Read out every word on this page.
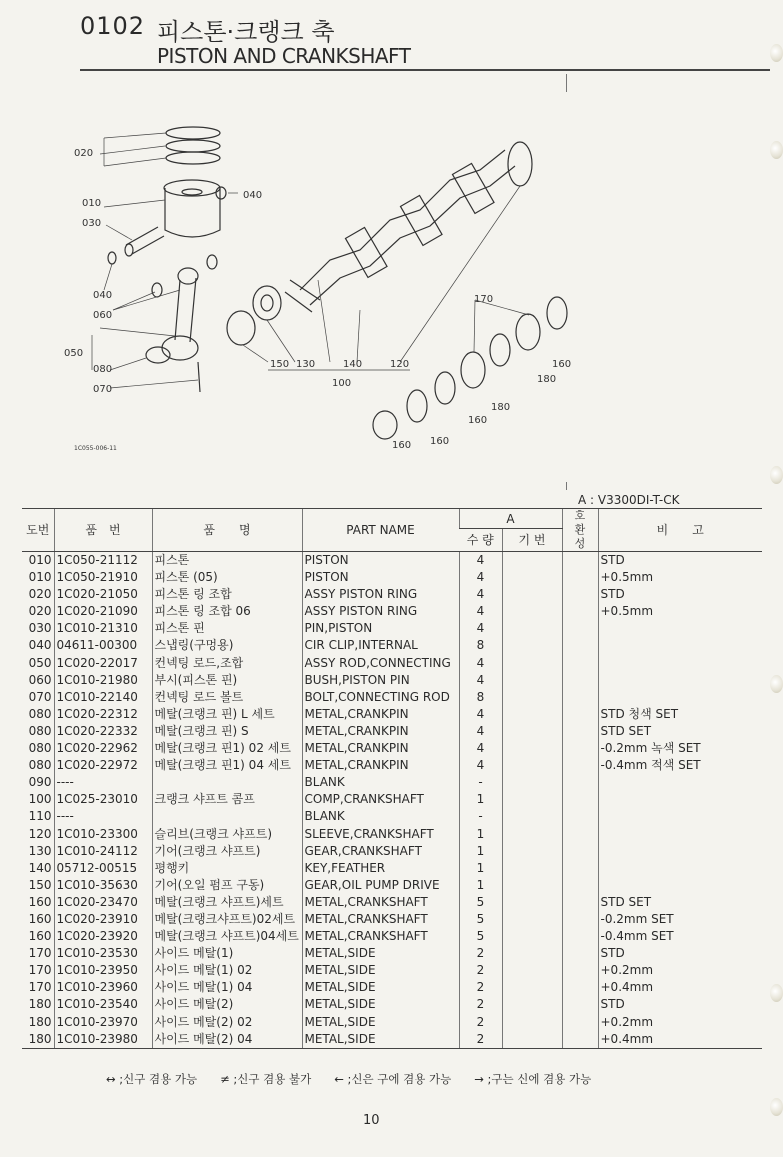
0102 피스톤·크랭크 축
PISTON AND CRANKSHAFT
020
010
030
040
040
060
050
080
070
150 130	140	120
100
170
160
180
180
160
160
160
1C055-006-11
A : V3300DI-T-CK
도번	품　번	품　　명	PART NAME	A		호환성	비　　고
				수 량	기 번		
010	1C050-21112	피스톤	PISTON	4			STD
010	1C050-21910	피스톤 (05)	PISTON	4			+0.5mm
020	1C020-21050	피스톤 링 조합	ASSY PISTON RING	4			STD
020	1C020-21090	피스톤 링 조합 06	ASSY PISTON RING	4			+0.5mm
030	1C010-21310	피스톤 핀	PIN,PISTON	4			
040	04611-00300	스냅링(구멍용)	CIR CLIP,INTERNAL	8			
050	1C020-22017	컨넥팅 로드,조합	ASSY ROD,CONNECTING	4			
060	1C010-21980	부시(피스톤 핀)	BUSH,PISTON PIN	4			
070	1C010-22140	컨넥팅 로드 볼트	BOLT,CONNECTING ROD	8			
080	1C020-22312	메탈(크랭크 핀) L 세트	METAL,CRANKPIN	4			STD 청색 SET
080	1C020-22332	메탈(크랭크 핀) S	METAL,CRANKPIN	4			STD SET
080	1C020-22962	메탈(크랭크 핀1) 02 세트	METAL,CRANKPIN	4			-0.2mm 녹색 SET
080	1C020-22972	메탈(크랭크 핀1) 04 세트	METAL,CRANKPIN	4			-0.4mm 적색 SET
090	----		BLANK	-			
100	1C025-23010	크랭크 샤프트 콤프	COMP,CRANKSHAFT	1			
110	----		BLANK	-			
120	1C010-23300	슬리브(크랭크 샤프트)	SLEEVE,CRANKSHAFT	1			
130	1C010-24112	기어(크랭크 샤프트)	GEAR,CRANKSHAFT	1			
140	05712-00515	평행키	KEY,FEATHER	1			
150	1C010-35630	기어(오일 펌프 구동)	GEAR,OIL PUMP DRIVE	1			
160	1C020-23470	메탈(크랭크 샤프트)세트	METAL,CRANKSHAFT	5			STD SET
160	1C020-23910	메탈(크랭크샤프트)02세트	METAL,CRANKSHAFT	5			-0.2mm SET
160	1C020-23920	메탈(크랭크 샤프트)04세트	METAL,CRANKSHAFT	5			-0.4mm SET
170	1C010-23530	사이드 메탈(1)	METAL,SIDE	2			STD
170	1C010-23950	사이드 메탈(1) 02	METAL,SIDE	2			+0.2mm
170	1C010-23960	사이드 메탈(1) 04	METAL,SIDE	2			+0.4mm
180	1C010-23540	사이드 메탈(2)	METAL,SIDE	2			STD
180	1C010-23970	사이드 메탈(2) 02	METAL,SIDE	2			+0.2mm
180	1C010-23980	사이드 메탈(2) 04	METAL,SIDE	2			+0.4mm
↔ ;신구 겸용 가능　　≠ ;신구 겸용 불가　　← ;신은 구에 겸용 가능　　→ ;구는 신에 겸용 가능
10
